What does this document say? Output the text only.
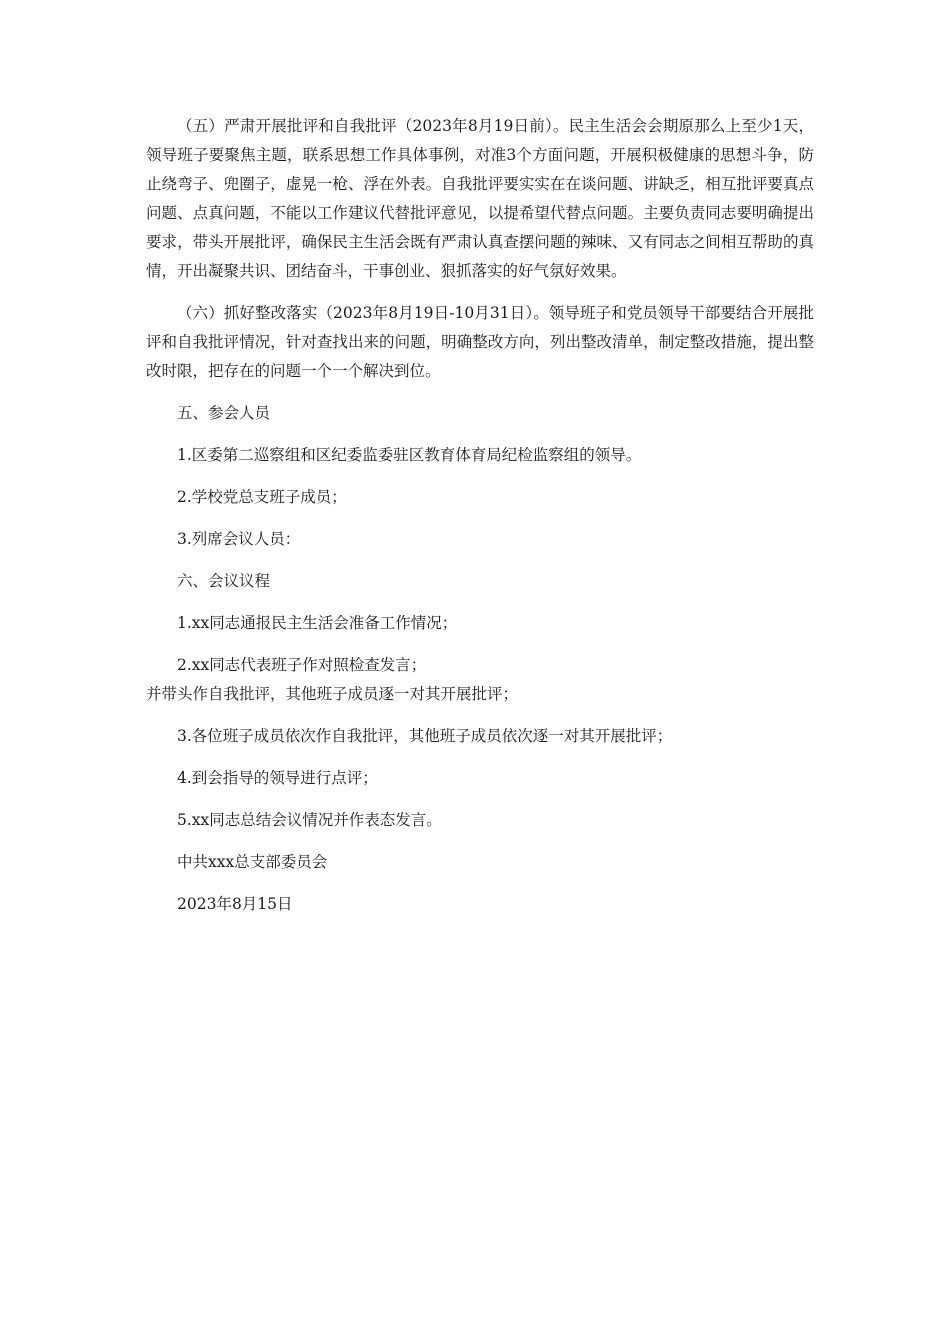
（五）严肃开展批评和自我批评（2023年8月19日前）。民主生活会会期原那么上至少1天，领导班子要聚焦主题，联系思想工作具体事例，对准3个方面问题，开展积极健康的思想斗争，防止绕弯子、兜圈子，虚晃一枪、浮在外表。自我批评要实实在在谈问题、讲缺乏，相互批评要真点问题、点真问题，不能以工作建议代替批评意见，以提希望代替点问题。主要负责同志要明确提出要求，带头开展批评，确保民主生活会既有严肃认真查摆问题的辣味、又有同志之间相互帮助的真情，开出凝聚共识、团结奋斗，干事创业、狠抓落实的好气氛好效果。

（六）抓好整改落实（2023年8月19日-10月31日）。领导班子和党员领导干部要结合开展批评和自我批评情况，针对查找出来的问题，明确整改方向，列出整改清单，制定整改措施，提出整改时限，把存在的问题一个一个解决到位。

五、参会人员

1.区委第二巡察组和区纪委监委驻区教育体育局纪检监察组的领导。

2.学校党总支班子成员；

3.列席会议人员：

六、会议议程

1.xx同志通报民主生活会准备工作情况；

2.xx同志代表班子作对照检查发言；

并带头作自我批评，其他班子成员逐一对其开展批评；

3.各位班子成员依次作自我批评，其他班子成员依次逐一对其开展批评；

4.到会指导的领导进行点评；

5.xx同志总结会议情况并作表态发言。

中共xxx总支部委员会

2023年8月15日
